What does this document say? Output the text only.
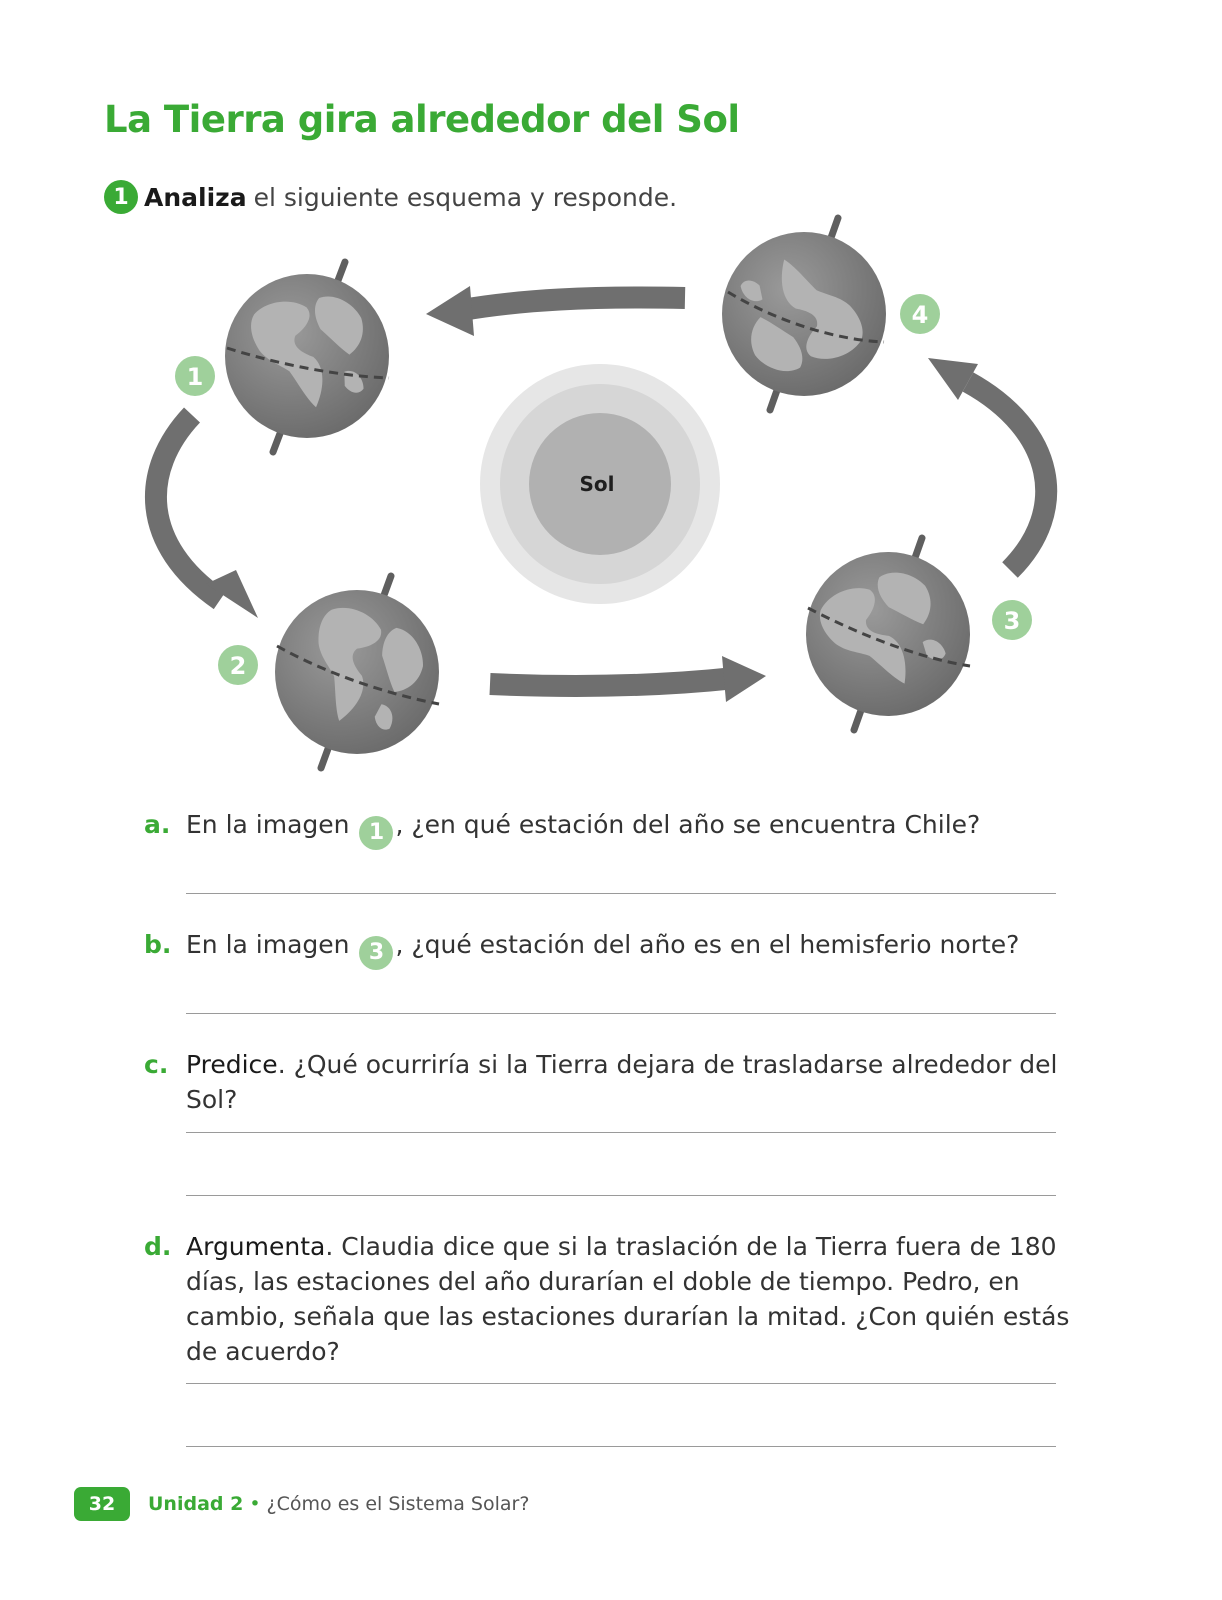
La Tierra gira alrededor del Sol
1 Analiza el siguiente esquema y responde.
Sol
1
2
3
4
a. En la imagen 1 , ¿en qué estación del año se encuentra Chile?
b. En la imagen 3 , ¿qué estación del año es en el hemisferio norte?
c. Predice. ¿Qué ocurriría si la Tierra dejara de trasladarse alrededor del Sol?
d. Argumenta. Claudia dice que si la traslación de la Tierra fuera de 180 días, las estaciones del año durarían el doble de tiempo. Pedro, en cambio, señala que las estaciones durarían la mitad. ¿Con quién estás de acuerdo?
32	Unidad 2 • ¿Cómo es el Sistema Solar?
